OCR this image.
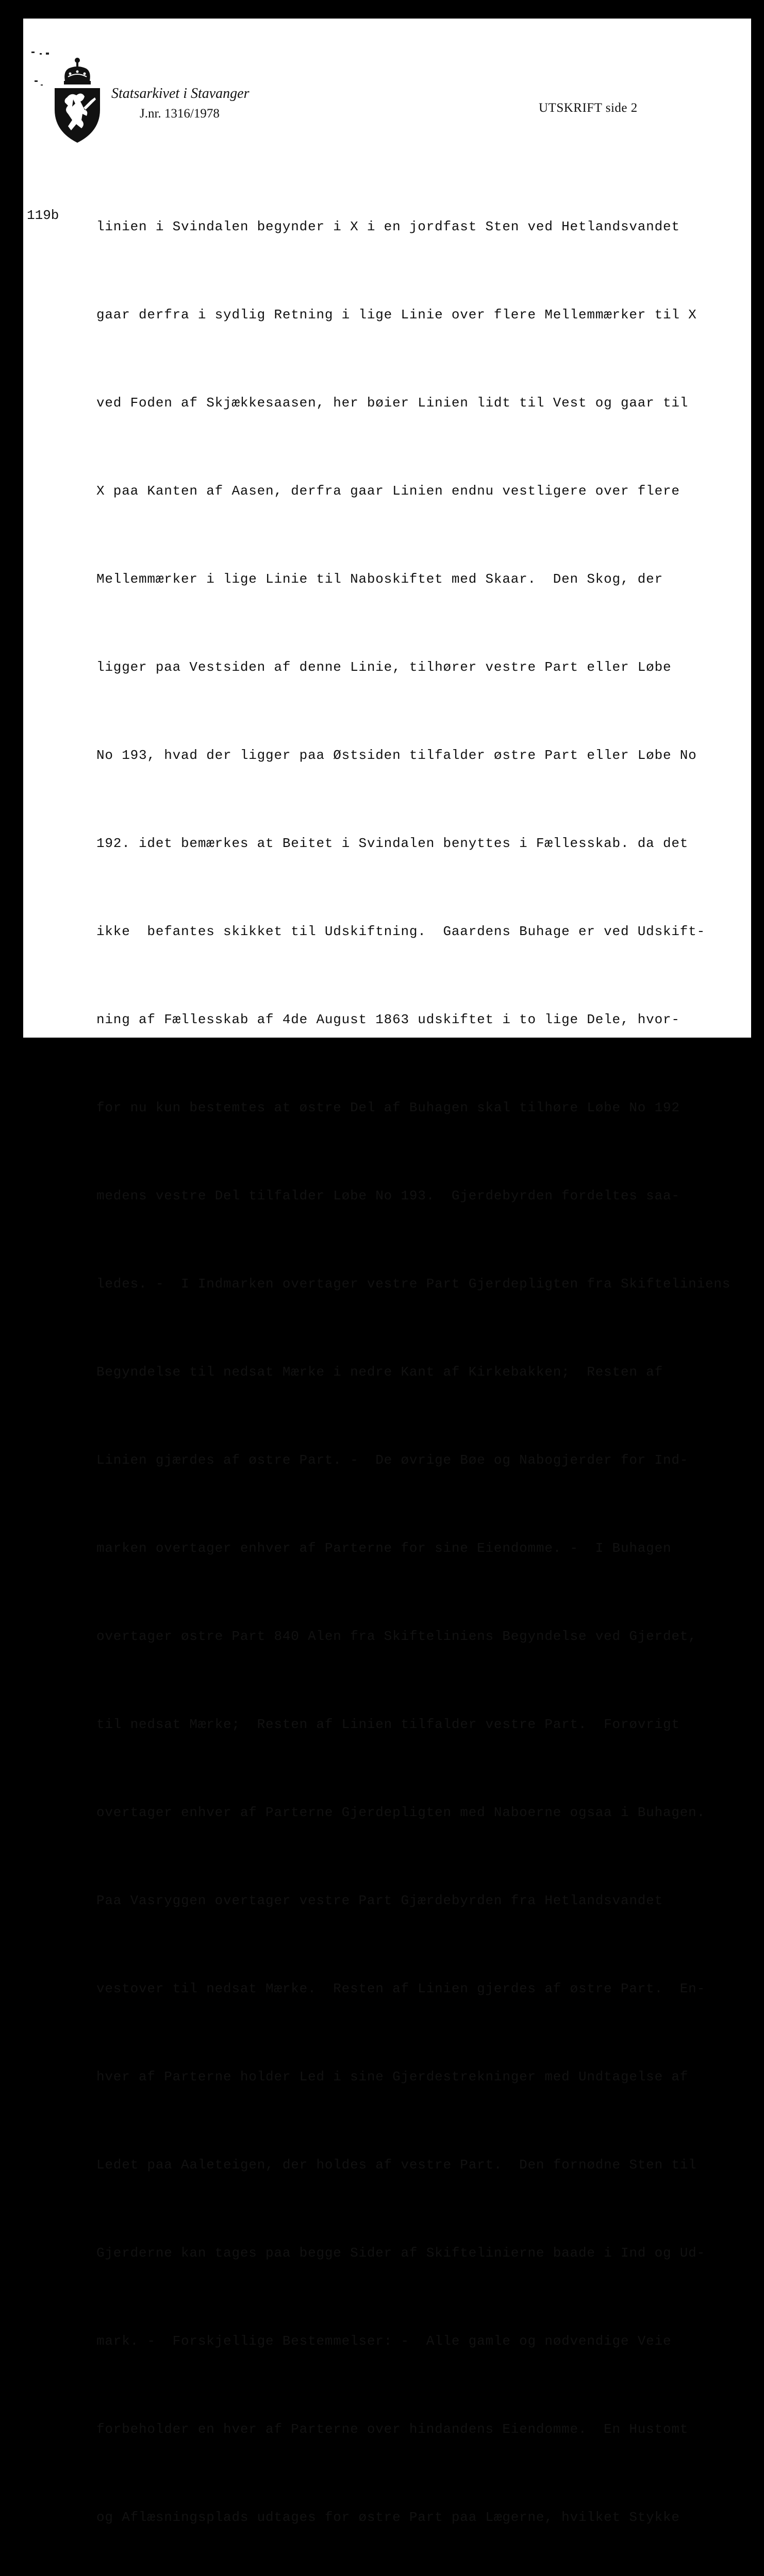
Statsarkivet i Stavanger
J.nr. 1316/1978	UTSKRIFT side 2
119b

linien i Svindalen begynder i X i en jordfast Sten ved Hetlandsvandet

gaar derfra i sydlig Retning i lige Linie over flere Mellemmærker til X

ved Foden af Skjækkesaasen, her bøier Linien lidt til Vest og gaar til

X paa Kanten af Aasen, derfra gaar Linien endnu vestligere over flere

Mellemmærker i lige Linie til Naboskiftet med Skaar.  Den Skog, der

ligger paa Vestsiden af denne Linie, tilhører vestre Part eller Løbe

No 193, hvad der ligger paa Østsiden tilfalder østre Part eller Løbe No

192. idet bemærkes at Beitet i Svindalen benyttes i Fællesskab. da det

ikke  befantes skikket til Udskiftning.  Gaardens Buhage er ved Udskift-

ning af Fællesskab af 4de August 1863 udskiftet i to lige Dele, hvor-

for nu kun bestemtes at østre Del af Buhagen skal tilhøre Løbe No 192

medens vestre Del tilfalder Løbe No 193.  Gjerdebyrden fordeltes saa-

ledes. -  I Indmarken overtager vestre Part Gjerdepligten fra Skifteliniens

Begyndelse til nedsat Mærke i nedre Kant af Kirkebakken;  Resten af

Linien gjærdes af østre Part. -  De øvrige Bøe og Nabogjerder for Ind-

marken overtager enhver af Parterne for sine Eiendomme. -  I Buhagen

overtager østre Part 840 Alen fra Skifteliniens Begyndelse ved Gjerdet,

til nedsat Mærke;  Resten af Linien tilfalder vestre Part.  Forøvrigt

overtager enhver af Parterne Gjerdepligten med Naboerne ogsaa i Buhagen.

Paa Vasryggen overtager vestre Part Gjærdebyrden fra Hetlandsvandet

vestover til nedsat Mærke.  Resten af Linien gjerdes af østre Part.  En-

hver af Parterne holder Led i sine Gjerdestrekninger med Undtagelse af

Ledet paa Aaleteigen, der holdes af vestre Part.  Den fornødne Sten til

Gjerderne kan tages paa begge Sider af Skiftelinierne baade i Ind og Ud-

mark. -  Forskjellige Bestemmelser: -  Alle gamle og nødvendige Veie

forbeholder en hver af Parterne over hindandens Eiendomme.  En Hustomt

og Aflæsningsplads udtages for østre Part paa Lægerne, hvilket Stykke
